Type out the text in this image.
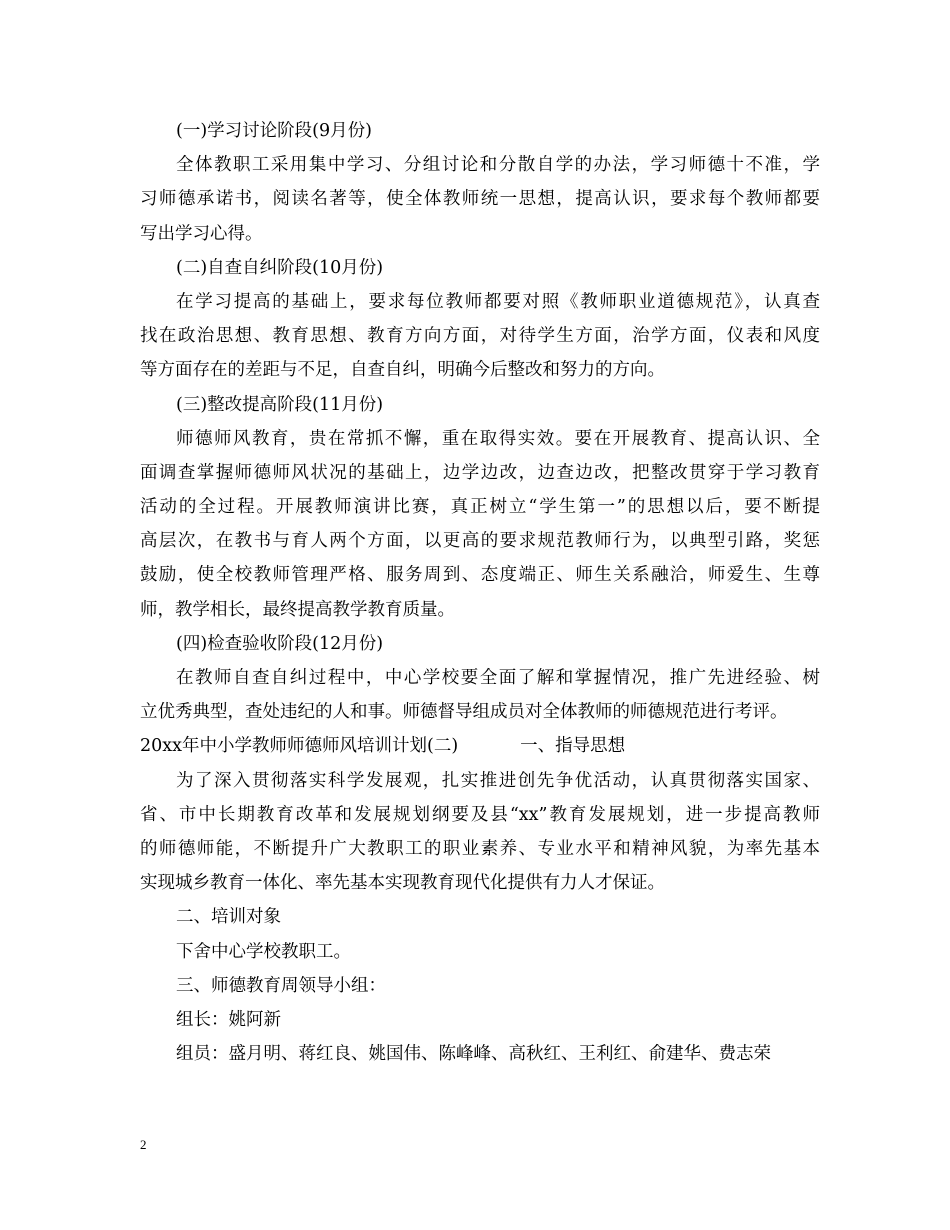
(一)学习讨论阶段(9月份)
全体教职工采用集中学习、分组讨论和分散自学的办法，学习师德十不准，学
习师德承诺书，阅读名著等，使全体教师统一思想，提高认识，要求每个教师都要
写出学习心得。
(二)自查自纠阶段(10月份)
在学习提高的基础上，要求每位教师都要对照《教师职业道德规范》，认真查
找在政治思想、教育思想、教育方向方面，对待学生方面，治学方面，仪表和风度
等方面存在的差距与不足，自查自纠，明确今后整改和努力的方向。
(三)整改提高阶段(11月份)
师德师风教育，贵在常抓不懈，重在取得实效。要在开展教育、提高认识、全
面调查掌握师德师风状况的基础上，边学边改，边查边改，把整改贯穿于学习教育
活动的全过程。开展教师演讲比赛，真正树立“学生第一”的思想以后，要不断提
高层次，在教书与育人两个方面，以更高的要求规范教师行为，以典型引路，奖惩
鼓励，使全校教师管理严格、服务周到、态度端正、师生关系融洽，师爱生、生尊
师，教学相长，最终提高教学教育质量。
(四)检查验收阶段(12月份)
在教师自查自纠过程中，中心学校要全面了解和掌握情况，推广先进经验、树
立优秀典型，查处违纪的人和事。师德督导组成员对全体教师的师德规范进行考评。
20xx年中小学教师师德师风培训计划(二)	一、指导思想
为了深入贯彻落实科学发展观，扎实推进创先争优活动，认真贯彻落实国家、
省、市中长期教育改革和发展规划纲要及县“xx”教育发展规划，进一步提高教师
的师德师能，不断提升广大教职工的职业素养、专业水平和精神风貌，为率先基本
实现城乡教育一体化、率先基本实现教育现代化提供有力人才保证。
二、培训对象
下舍中心学校教职工。
三、师德教育周领导小组：
组长：姚阿新
组员：盛月明、蒋红良、姚国伟、陈峰峰、高秋红、王利红、俞建华、费志荣
2
